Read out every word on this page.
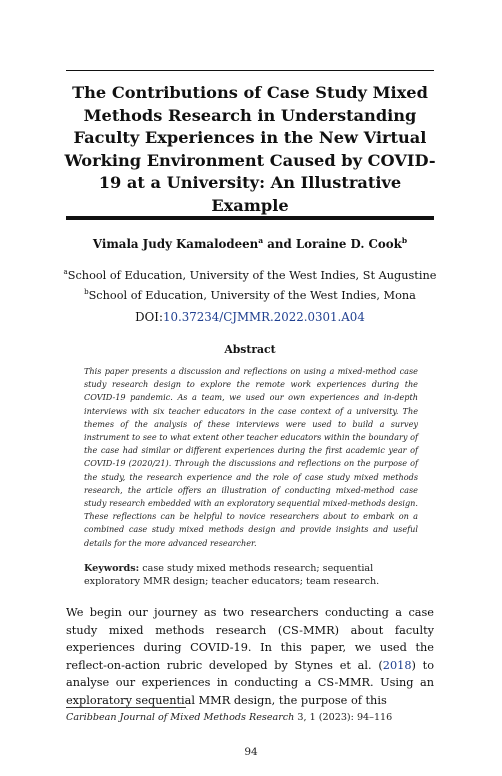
The Contributions of Case Study Mixed Methods Research in Understanding Faculty Experiences in the New Virtual Working Environment Caused by COVID-19 at a University: An Illustrative Example
Vimala Judy Kamalodeen$^a$ and Loraine D. Cook$^b$
$^a$School of Education, University of the West Indies, St Augustine
$^b$School of Education, University of the West Indies, Mona
DOI:10.37234/CJMMR.2022.0301.A04
Abstract

This paper presents a discussion and reflections on using a mixed-method case study research design to explore the remote work experiences during the COVID-19 pandemic. As a team, we used our own experiences and in-depth interviews with six teacher educators in the case context of a university. The themes of the analysis of these interviews were used to build a survey instrument to see to what extent other teacher educators within the boundary of the case had similar or different experiences during the first academic year of COVID-19 (2020/21). Through the discussions and reflections on the purpose of the study, the research experience and the role of case study mixed methods research, the article offers an illustration of conducting mixed-method case study research embedded with an exploratory sequential mixed-methods design. These reflections can be helpful to novice researchers about to embark on a combined case study mixed methods design and provide insights and useful details for the more advanced researcher.

Keywords: case study mixed methods research; sequential exploratory MMR design; teacher educators; team research.

We begin our journey as two researchers conducting a case study mixed methods research (CS-MMR) about faculty experiences during COVID-19. In this paper, we used the reflect-on-action rubric developed by Stynes et al. (2018) to analyse our experiences in conducting a CS-MMR. Using an exploratory sequential MMR design, the purpose of this

Caribbean Journal of Mixed Methods Research 3, 1 (2023): 94–116
94
